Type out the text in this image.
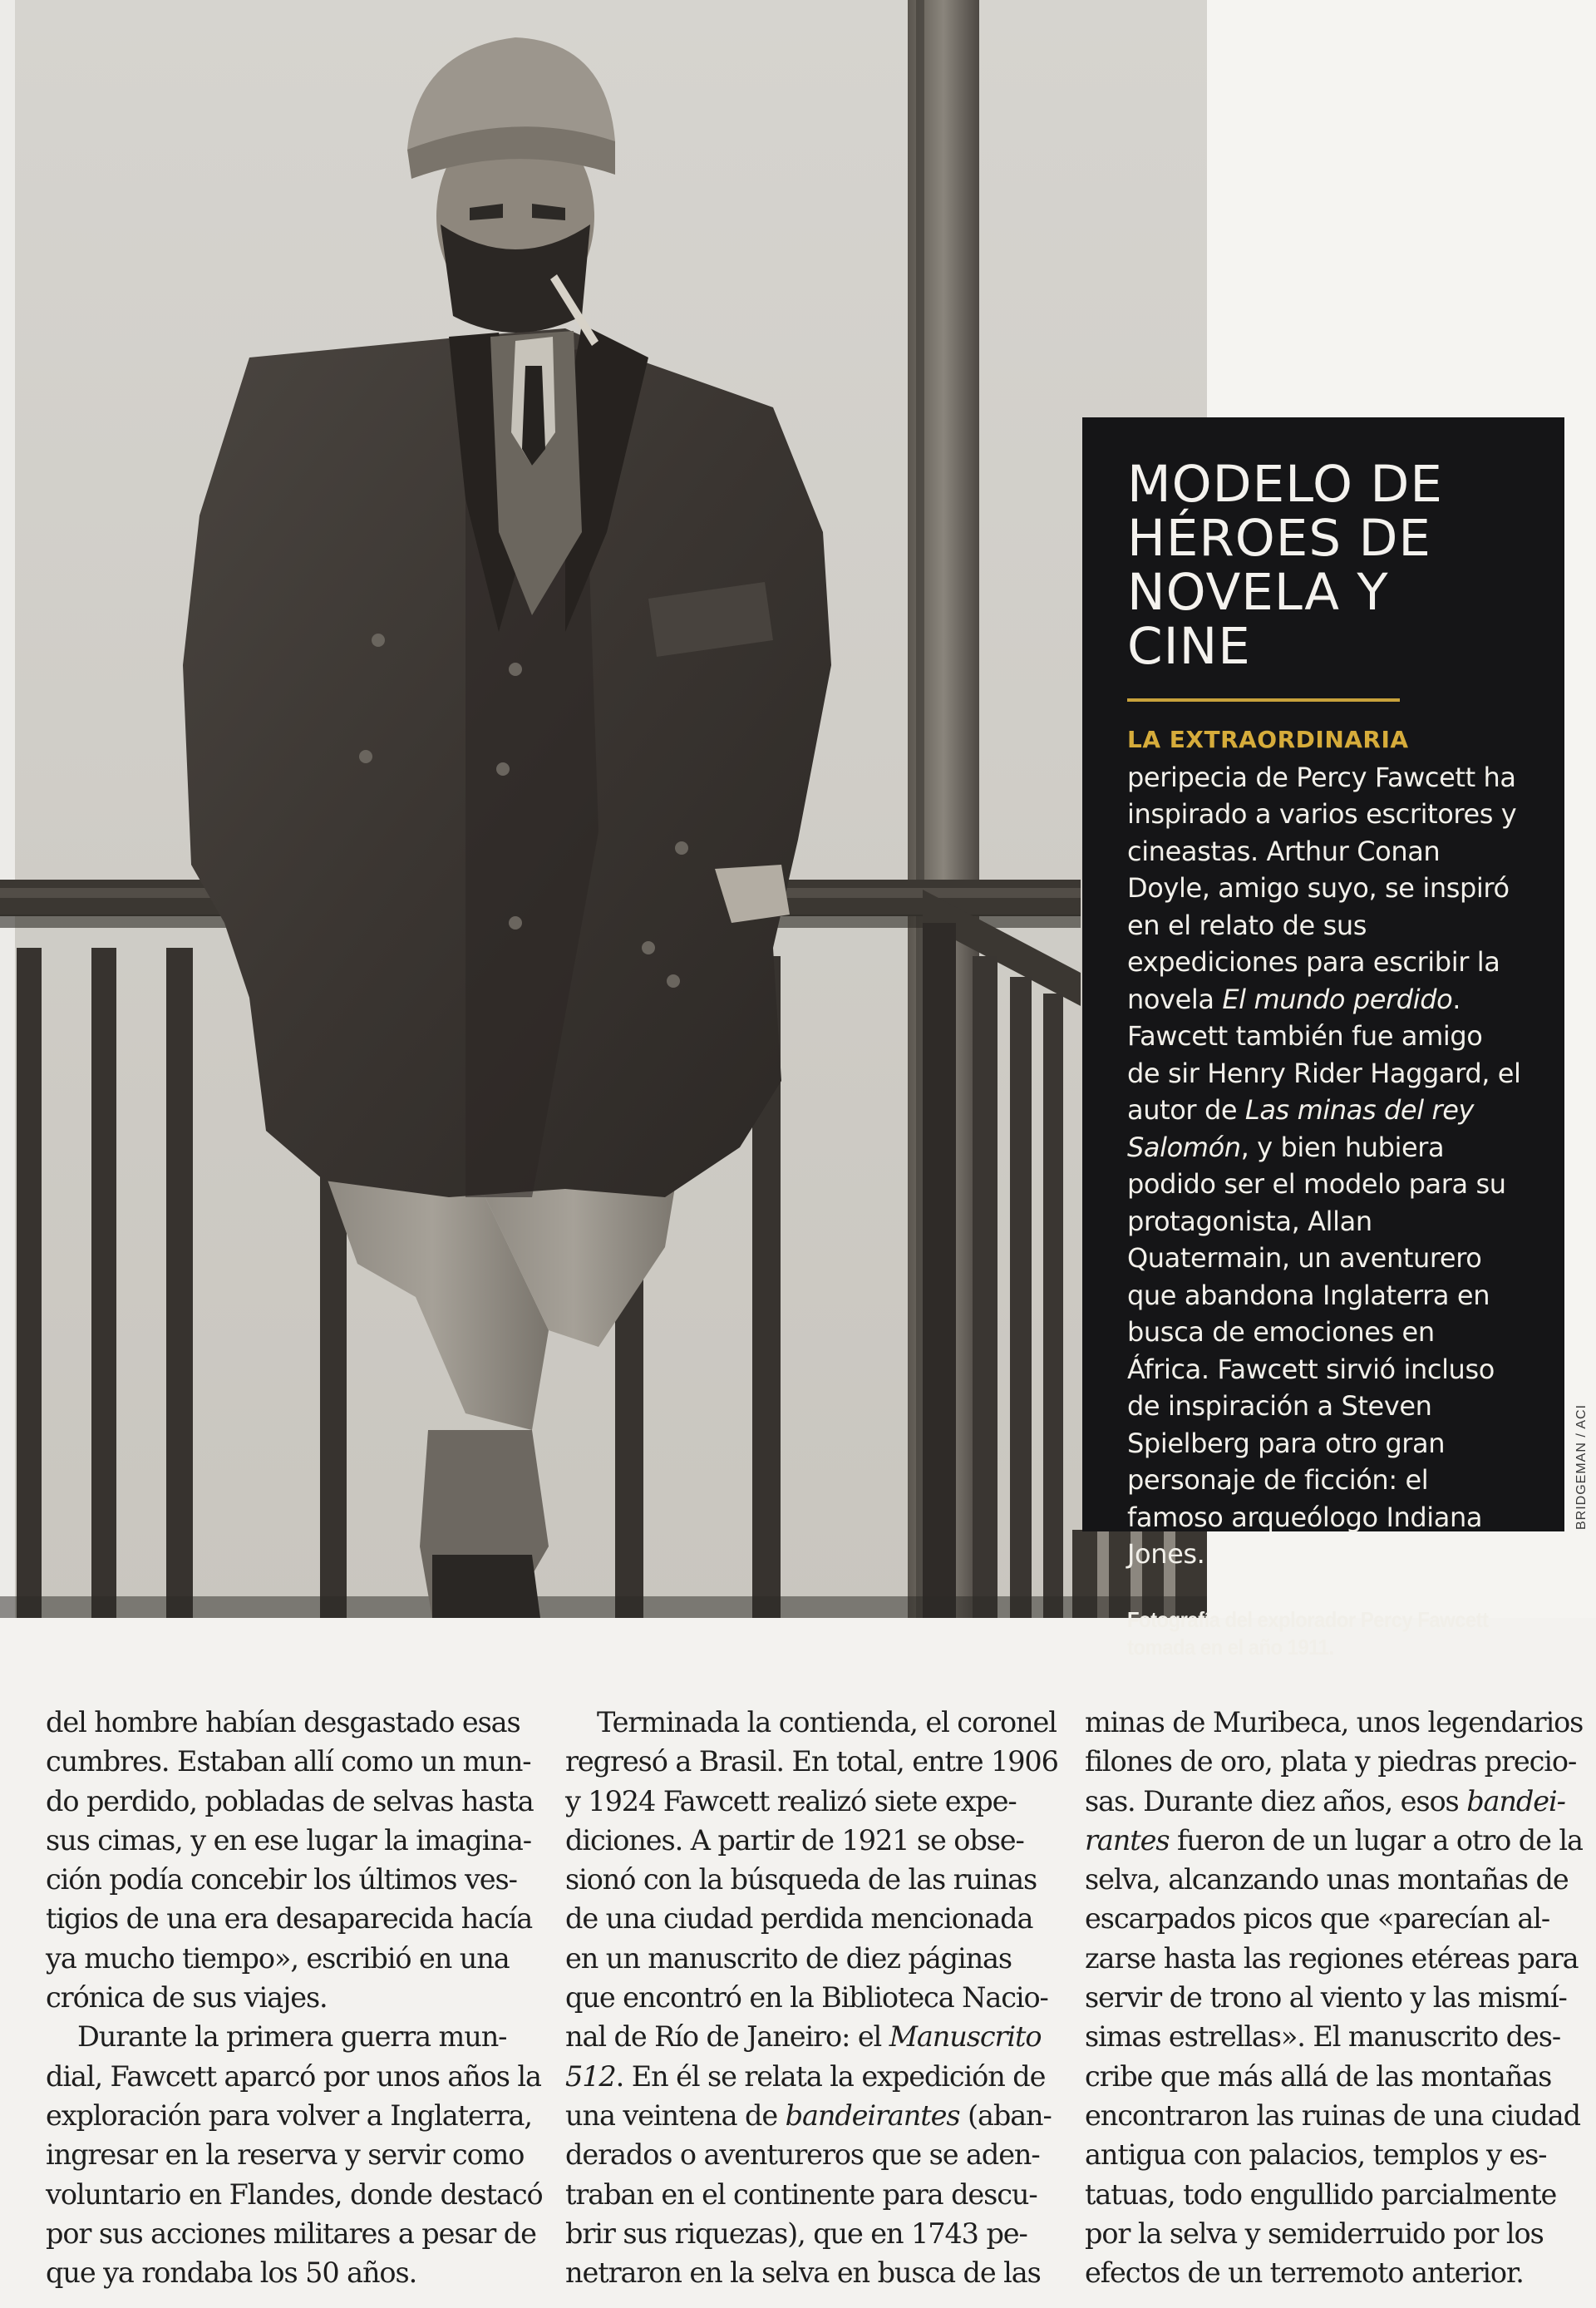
MODELO DE
HÉROES DE
NOVELA Y CINE

LA EXTRAORDINARIA peripecia de Percy Fawcett ha inspirado a varios escritores y cineastas. Arthur Conan Doyle, amigo suyo, se inspiró en el relato de sus expediciones para escribir la novela El mundo perdido. Fawcett también fue amigo de sir Henry Rider Haggard, el autor de Las minas del rey Salomón, y bien hubiera podido ser el modelo para su protagonista, Allan Quatermain, un aventurero que abandona Inglaterra en busca de emociones en África. Fawcett sirvió incluso de inspiración a Steven Spielberg para otro gran personaje de ficción: el famoso arqueólogo Indiana Jones.

Fotografía del explorador Percy Fawcett
tomada en el año 1911.
BRIDGEMAN / ACI
del hombre habían desgastado esas
cumbres. Estaban allí como un mun-
do perdido, pobladas de selvas hasta
sus cimas, y en ese lugar la imagina-
ción podía concebir los últimos ves-
tigios de una era desaparecida hacía
ya mucho tiempo», escribió en una
crónica de sus viajes.
Durante la primera guerra mun-
dial, Fawcett aparcó por unos años la
exploración para volver a Inglaterra,
ingresar en la reserva y servir como
voluntario en Flandes, donde destacó
por sus acciones militares a pesar de
que ya rondaba los 50 años.
Terminada la contienda, el coronel
regresó a Brasil. En total, entre 1906
y 1924 Fawcett realizó siete expe-
diciones. A partir de 1921 se obse-
sionó con la búsqueda de las ruinas
de una ciudad perdida mencionada
en un manuscrito de diez páginas
que encontró en la Biblioteca Nacio-
nal de Río de Janeiro: el Manuscrito
512. En él se relata la expedición de
una veintena de bandeirantes (aban-
derados o aventureros que se aden-
traban en el continente para descu-
brir sus riquezas), que en 1743 pe-
netraron en la selva en busca de las
minas de Muribeca, unos legendarios
filones de oro, plata y piedras precio-
sas. Durante diez años, esos bandei-
rantes fueron de un lugar a otro de la
selva, alcanzando unas montañas de
escarpados picos que «parecían al-
zarse hasta las regiones etéreas para
servir de trono al viento y las mismí-
simas estrellas». El manuscrito des-
cribe que más allá de las montañas
encontraron las ruinas de una ciudad
antigua con palacios, templos y es-
tatuas, todo engullido parcialmente
por la selva y semiderruido por los
efectos de un terremoto anterior.
